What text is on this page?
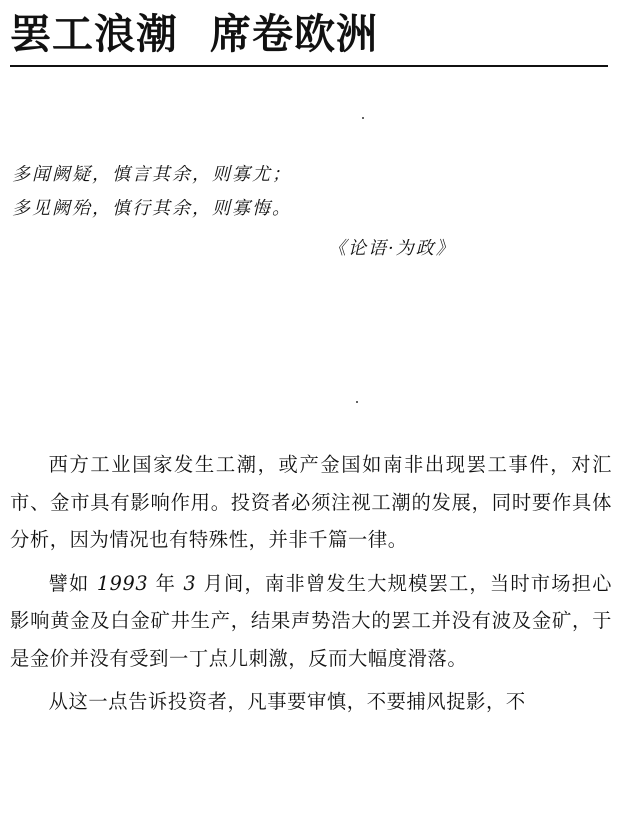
罢工浪潮 席卷欧洲
多闻阙疑，慎言其余，则寡尤；
多见阙殆，慎行其余，则寡悔。
《论语·为政》

西方工业国家发生工潮，或产金国如南非出现罢工事件，对汇市、金市具有影响作用。投资者必须注视工潮的发展，同时要作具体分析，因为情况也有特殊性，并非千篇一律。

譬如 1993 年 3 月间，南非曾发生大规模罢工，当时市场担心影响黄金及白金矿井生产，结果声势浩大的罢工并没有波及金矿，于是金价并没有受到一丁点儿刺激，反而大幅度滑落。

从这一点告诉投资者，凡事要审慎，不要捕风捉影，不
